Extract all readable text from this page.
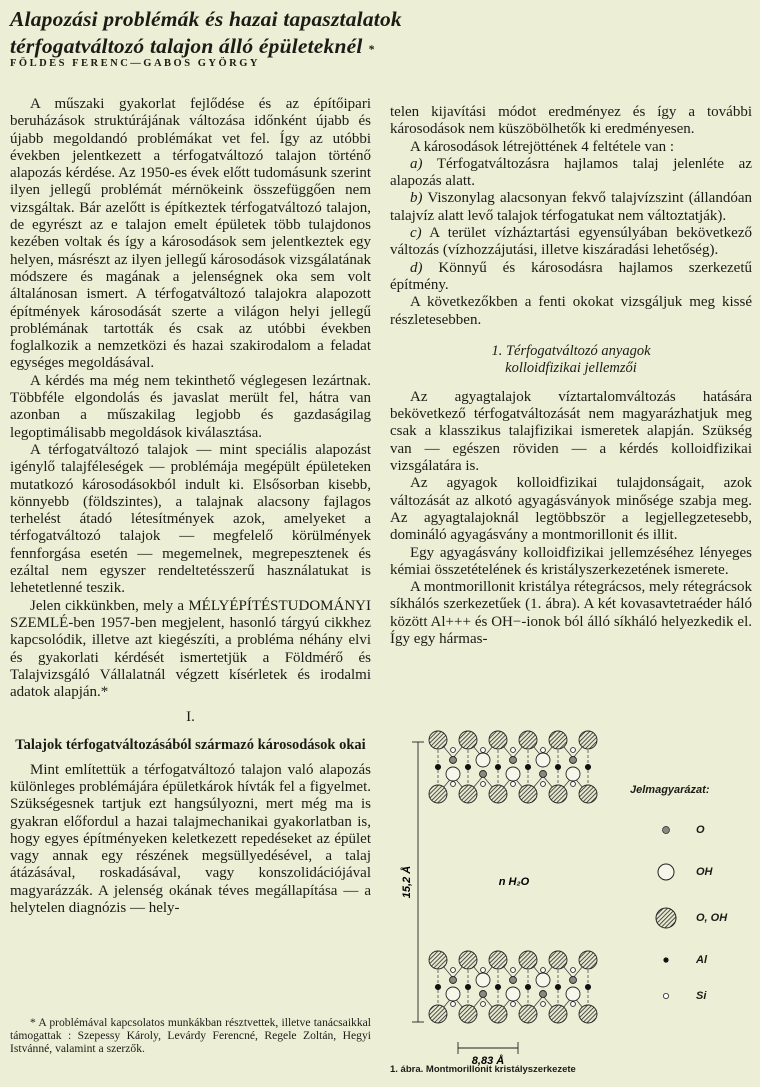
Alapozási problémák és hazai tapasztalatok
térfogatváltozó talajon álló épületeknél *
FÖLDES FERENC—GABOS GYÖRGY

A műszaki gyakorlat fejlődése és az építőipari beruházások struktúrájának változása időnként újabb és újabb megoldandó problémákat vet fel. Így az utóbbi években jelentkezett a térfogatváltozó talajon történő alapozás kérdése. Az 1950-es évek előtt tudomásunk szerint ilyen jellegű problémát mérnökeink összefüggően nem vizsgáltak. Bár azelőtt is építkeztek térfogatváltozó talajon, de egyrészt az e talajon emelt épületek több tulajdonos kezében voltak és így a károsodások sem jelentkeztek egy helyen, másrészt az ilyen jellegű károsodások vizsgálatának módszere és magának a jelenségnek oka sem volt általánosan ismert. A térfogatváltozó talajokra alapozott építmények károsodását szerte a világon helyi jellegű problémának tartották és csak az utóbbi években foglalkozik a nemzetközi és hazai szakirodalom a feladat egységes megoldásával.

A kérdés ma még nem tekinthető véglegesen lezártnak. Többféle elgondolás és javaslat merült fel, hátra van azonban a műszakilag legjobb és gazdaságilag legoptimálisabb megoldások kiválasztása.

A térfogatváltozó talajok — mint speciális alapozást igénylő talajféleségek — problémája megépült épületeken mutatkozó károsodásokból indult ki. Elsősorban kisebb, könnyebb (földszintes), a talajnak alacsony fajlagos terhelést átadó létesítmények azok, amelyeket a térfogatváltozó talajok — megfelelő körülmények fennforgása esetén — megemelnek, megrepesztenek és ezáltal nem egyszer rendeltetésszerű használatukat is lehetetlenné teszik.

Jelen cikkünkben, mely a MÉLYÉPÍTÉSTUDOMÁNYI SZEMLÉ-ben 1957-ben megjelent, hasonló tárgyú cikkhez kapcsolódik, illetve azt kiegészíti, a probléma néhány elvi és gyakorlati kérdését ismertetjük a Földmérő és Talajvizsgáló Vállalatnál végzett kísérletek és irodalmi adatok alapján.*

I.
Talajok térfogatváltozásából származó károsodások okai

Mint említettük a térfogatváltozó talajon való alapozás különleges problémájára épületkárok hívták fel a figyelmet. Szükségesnek tartjuk ezt hangsúlyozni, mert még ma is gyakran előfordul a hazai talajmechanikai gyakorlatban is, hogy egyes építményeken keletkezett repedéseket az épület vagy annak egy részének megsüllyedésével, a talaj átázásával, roskadásával, vagy konszolidációjával magyarázzák. A jelenség okának téves megállapítása — a helytelen diagnózis — hely-

* A problémával kapcsolatos munkákban résztvettek, illetve tanácsaikkal támogattak : Szepessy Károly, Levárdy Ferencné, Regele Zoltán, Hegyi Istvánné, valamint a szerzők.

telen kijavítási módot eredményez és így a további károsodások nem küszöbölhetők ki eredményesen.

A károsodások létrejöttének 4 feltétele van :

a) Térfogatváltozásra hajlamos talaj jelenléte az alapozás alatt.

b) Viszonylag alacsonyan fekvő talajvízszint (állandóan talajvíz alatt levő talajok térfogatukat nem változtatják).

c) A terület vízháztartási egyensúlyában bekövetkező változás (vízhozzájutási, illetve kiszáradási lehetőség).

d) Könnyű és károsodásra hajlamos szerkezetű építmény.

A következőkben a fenti okokat vizsgáljuk meg kissé részletesebben.

1. Térfogatváltozó anyagok
kolloidfizikai jellemzői

Az agyagtalajok víztartalomváltozás hatására bekövetkező térfogatváltozását nem magyarázhatjuk meg csak a klasszikus talajfizikai ismeretek alapján. Szükség van — egészen röviden — a kérdés kolloidfizikai vizsgálatára is.

Az agyagok kolloidfizikai tulajdonságait, azok változását az alkotó agyagásványok minősége szabja meg. Az agyagtalajoknál legtöbbször a legjellegzetesebb, domináló agyagásvány a montmorillonit és illit.

Egy agyagásvány kolloidfizikai jellemzéséhez lényeges kémiai összetételének és kristályszerkezetének ismerete.

A montmorillonit kristálya rétegrácsos, mely rétegrácsok síkhálós szerkezetűek (1. ábra). A két kovasavtetraéder háló között Al+++ és OH−-ionok ból álló síkháló helyezkedik el. Így egy hármas-

15,2 Å
8,83 Å
n H₂O
Jelmagyarázat:
O
OH
O, OH
Al
Si
1. ábra. Montmorillonit kristályszerkezete
